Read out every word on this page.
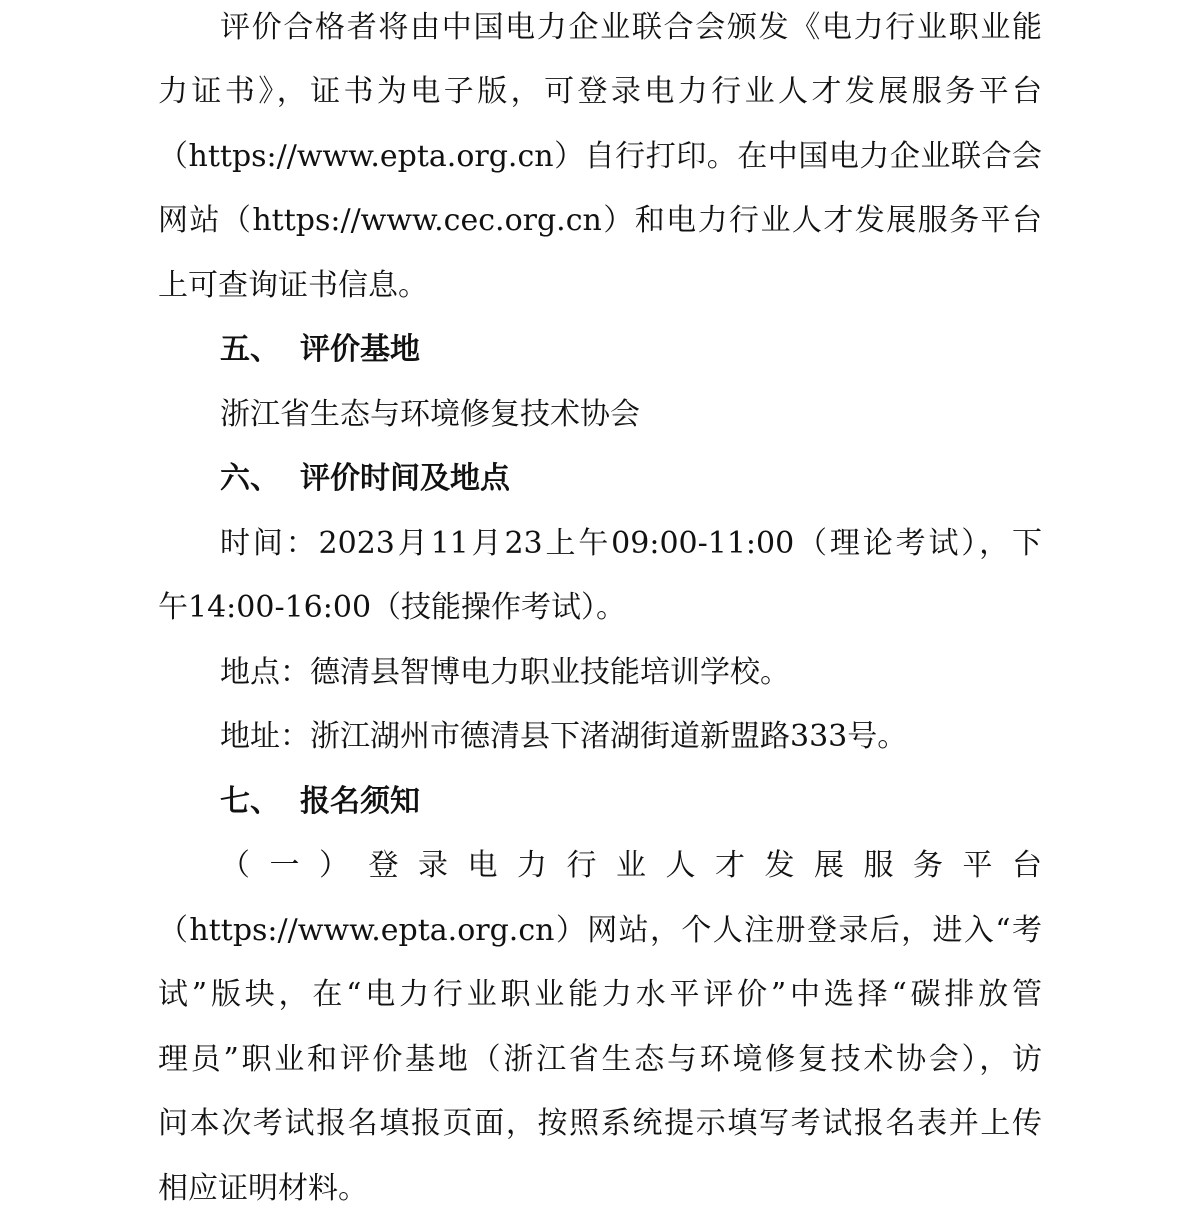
评价合格者将由中国电力企业联合会颁发《电力行业职业能
力证书》，证书为电子版，可登录电力行业人才发展服务平台
（https://www.epta.org.cn）自行打印。在中国电力企业联合会
网站（https://www.cec.org.cn）和电力行业人才发展服务平台
上可查询证书信息。
五、 评价基地
浙江省生态与环境修复技术协会
六、 评价时间及地点
时间：2023月11月23上午09:00-11:00（理论考试），下
午14:00-16:00（技能操作考试）。
地点：德清县智博电力职业技能培训学校。
地址：浙江湖州市德清县下渚湖街道新盟路333号。
七、 报名须知
（一）登录电力行业人才发展服务平台
（https://www.epta.org.cn）网站，个人注册登录后，进入“考
试”版块，在“电力行业职业能力水平评价”中选择“碳排放管
理员”职业和评价基地（浙江省生态与环境修复技术协会），访
问本次考试报名填报页面，按照系统提示填写考试报名表并上传
相应证明材料。
